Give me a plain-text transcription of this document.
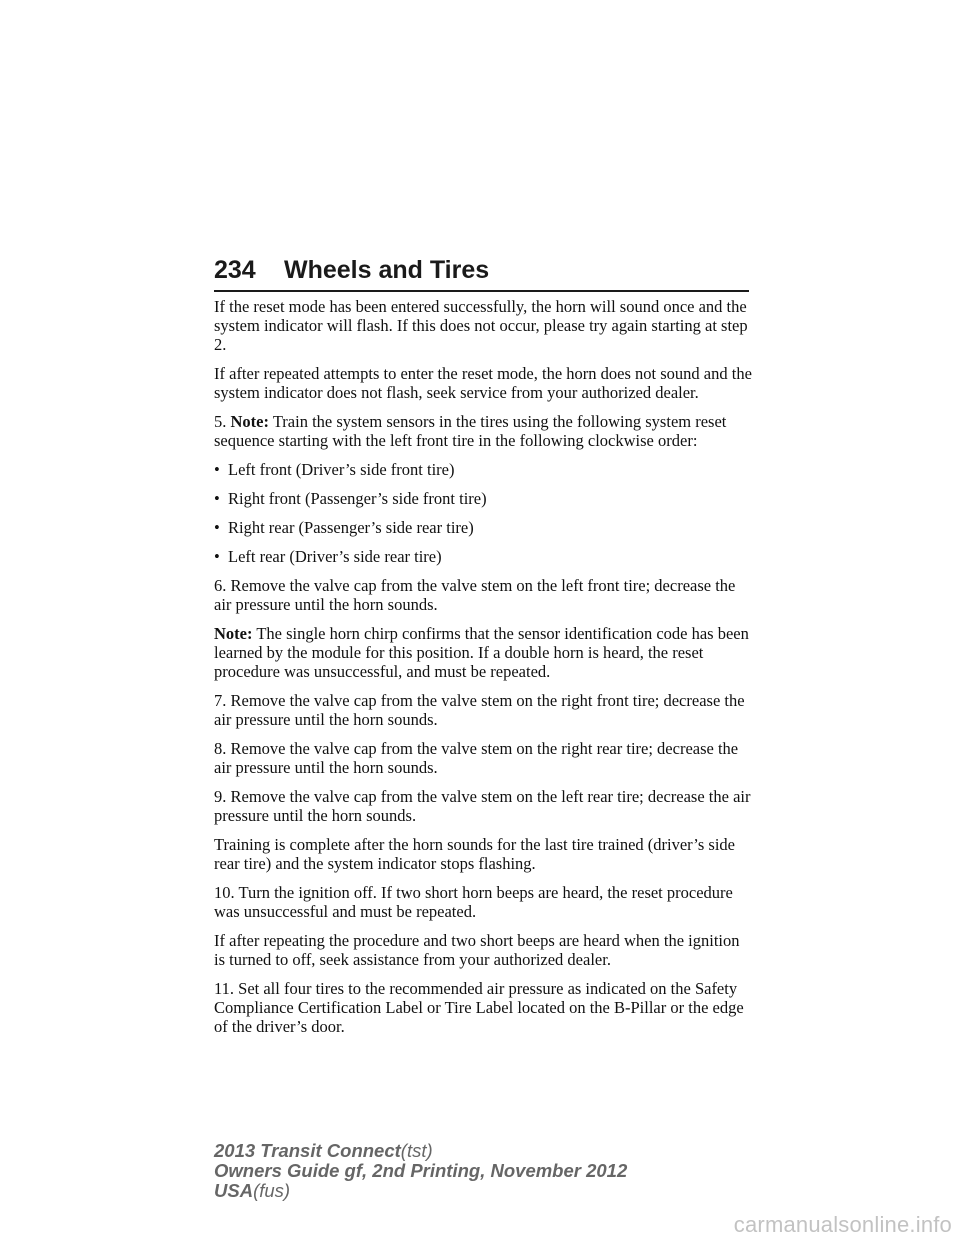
234 Wheels and Tires

If the reset mode has been entered successfully, the horn will sound once and the system indicator will flash. If this does not occur, please try again starting at step 2.

If after repeated attempts to enter the reset mode, the horn does not sound and the system indicator does not flash, seek service from your authorized dealer.

5. Note: Train the system sensors in the tires using the following system reset sequence starting with the left front tire in the following clockwise order:

• Left front (Driver’s side front tire)
• Right front (Passenger’s side front tire)
• Right rear (Passenger’s side rear tire)
• Left rear (Driver’s side rear tire)

6. Remove the valve cap from the valve stem on the left front tire; decrease the air pressure until the horn sounds.

Note: The single horn chirp confirms that the sensor identification code has been learned by the module for this position. If a double horn is heard, the reset procedure was unsuccessful, and must be repeated.

7. Remove the valve cap from the valve stem on the right front tire; decrease the air pressure until the horn sounds.

8. Remove the valve cap from the valve stem on the right rear tire; decrease the air pressure until the horn sounds.

9. Remove the valve cap from the valve stem on the left rear tire; decrease the air pressure until the horn sounds.

Training is complete after the horn sounds for the last tire trained (driver’s side rear tire) and the system indicator stops flashing.

10. Turn the ignition off. If two short horn beeps are heard, the reset procedure was unsuccessful and must be repeated.

If after repeating the procedure and two short beeps are heard when the ignition is turned to off, seek assistance from your authorized dealer.

11. Set all four tires to the recommended air pressure as indicated on the Safety Compliance Certification Label or Tire Label located on the B-Pillar or the edge of the driver’s door.

2013 Transit Connect(tst)
Owners Guide gf, 2nd Printing, November 2012
USA(fus)
carmanualsonline.info
